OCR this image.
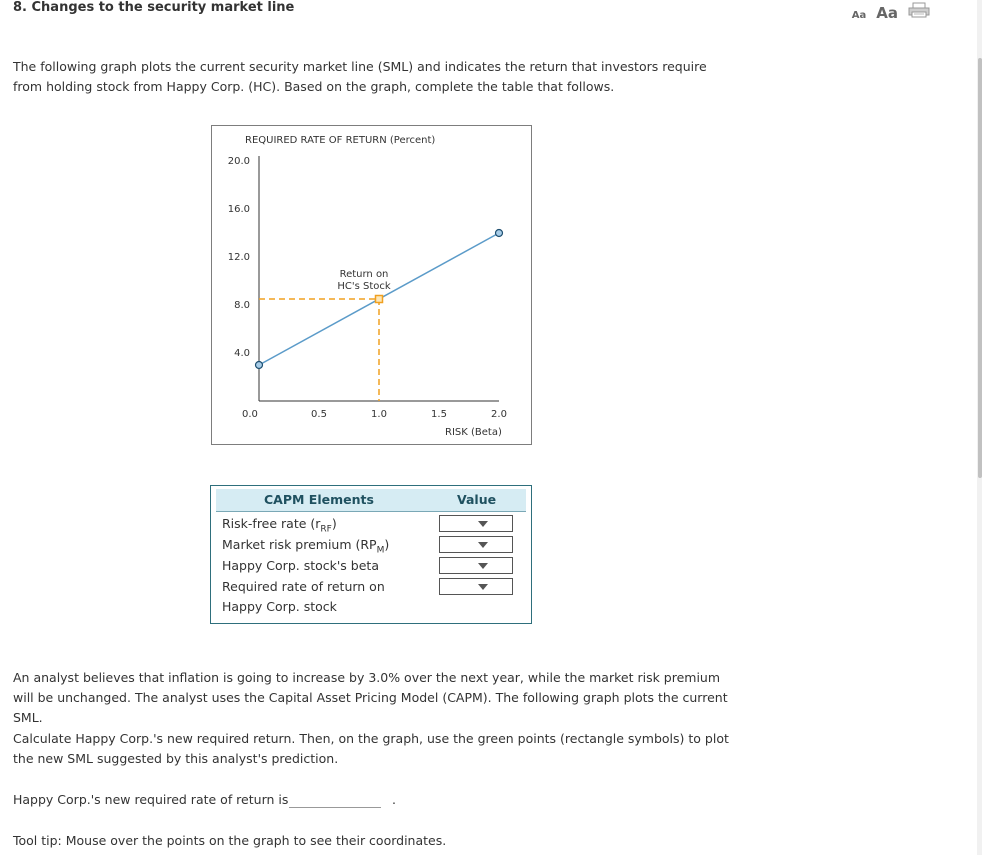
8. Changes to the security market line
Aa Aa
The following graph plots the current security market line (SML) and indicates the return that investors require from holding stock from Happy Corp. (HC). Based on the graph, complete the table that follows.
REQUIRED RATE OF RETURN (Percent)
RISK (Beta)
20.0
16.0
12.0
8.0
4.0
0.0	0.5	1.0	1.5	2.0
Return on
HC's Stock
CAPM Elements	Value
Risk-free rate $(r_{RF})$
Market risk premium $(RP_M)$
Happy Corp. stock's beta
Required rate of return on
Happy Corp. stock
An analyst believes that inflation is going to increase by 3.0% over the next year, while the market risk premium will be unchanged. The analyst uses the Capital Asset Pricing Model (CAPM). The following graph plots the current SML.
Calculate Happy Corp.'s new required return. Then, on the graph, use the green points (rectangle symbols) to plot the new SML suggested by this analyst's prediction.
Happy Corp.'s new required rate of return is	.
Tool tip: Mouse over the points on the graph to see their coordinates.
